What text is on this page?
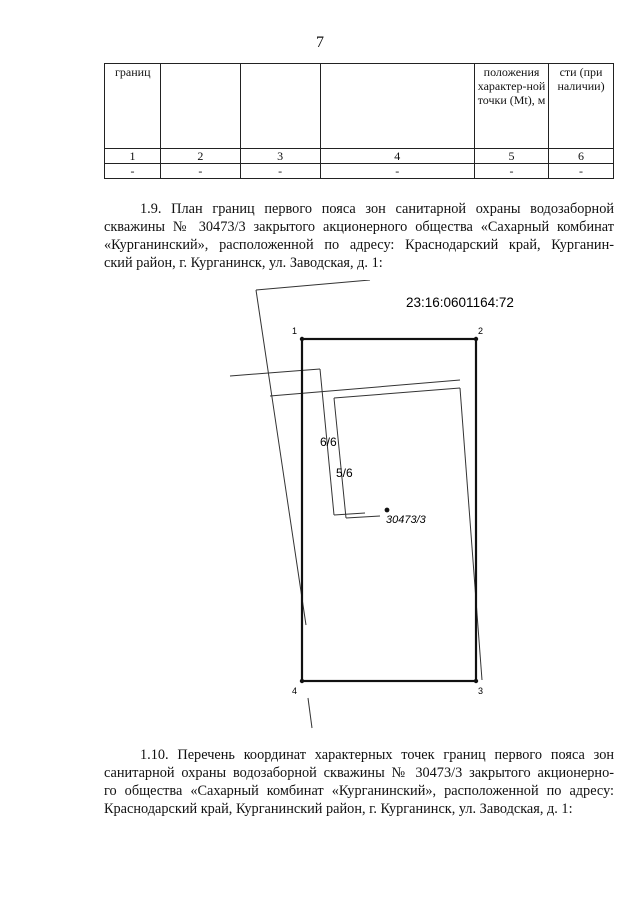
7
границ				положения характер-ной точки (Mt), м	сти (при наличии)
1	2	3	4	5	6
-	-	-	-	-	-
1.9. План границ первого пояса зон санитарной охраны водозаборной
скважины № 30473/3 закрытого акционерного общества «Сахарный комбинат
«Курганинский», расположенной по адресу: Краснодарский край, Курганин-
ский район, г. Курганинск, ул. Заводская, д. 1:
23:16:0601164:72
1	2
3
4
6/6
5/6
30473/3
1.10. Перечень координат характерных точек границ первого пояса зон
санитарной охраны водозаборной скважины № 30473/3 закрытого акционерно-
го общества «Сахарный комбинат «Курганинский», расположенной по адресу:
Краснодарский край, Курганинский район, г. Курганинск, ул. Заводская, д. 1:
